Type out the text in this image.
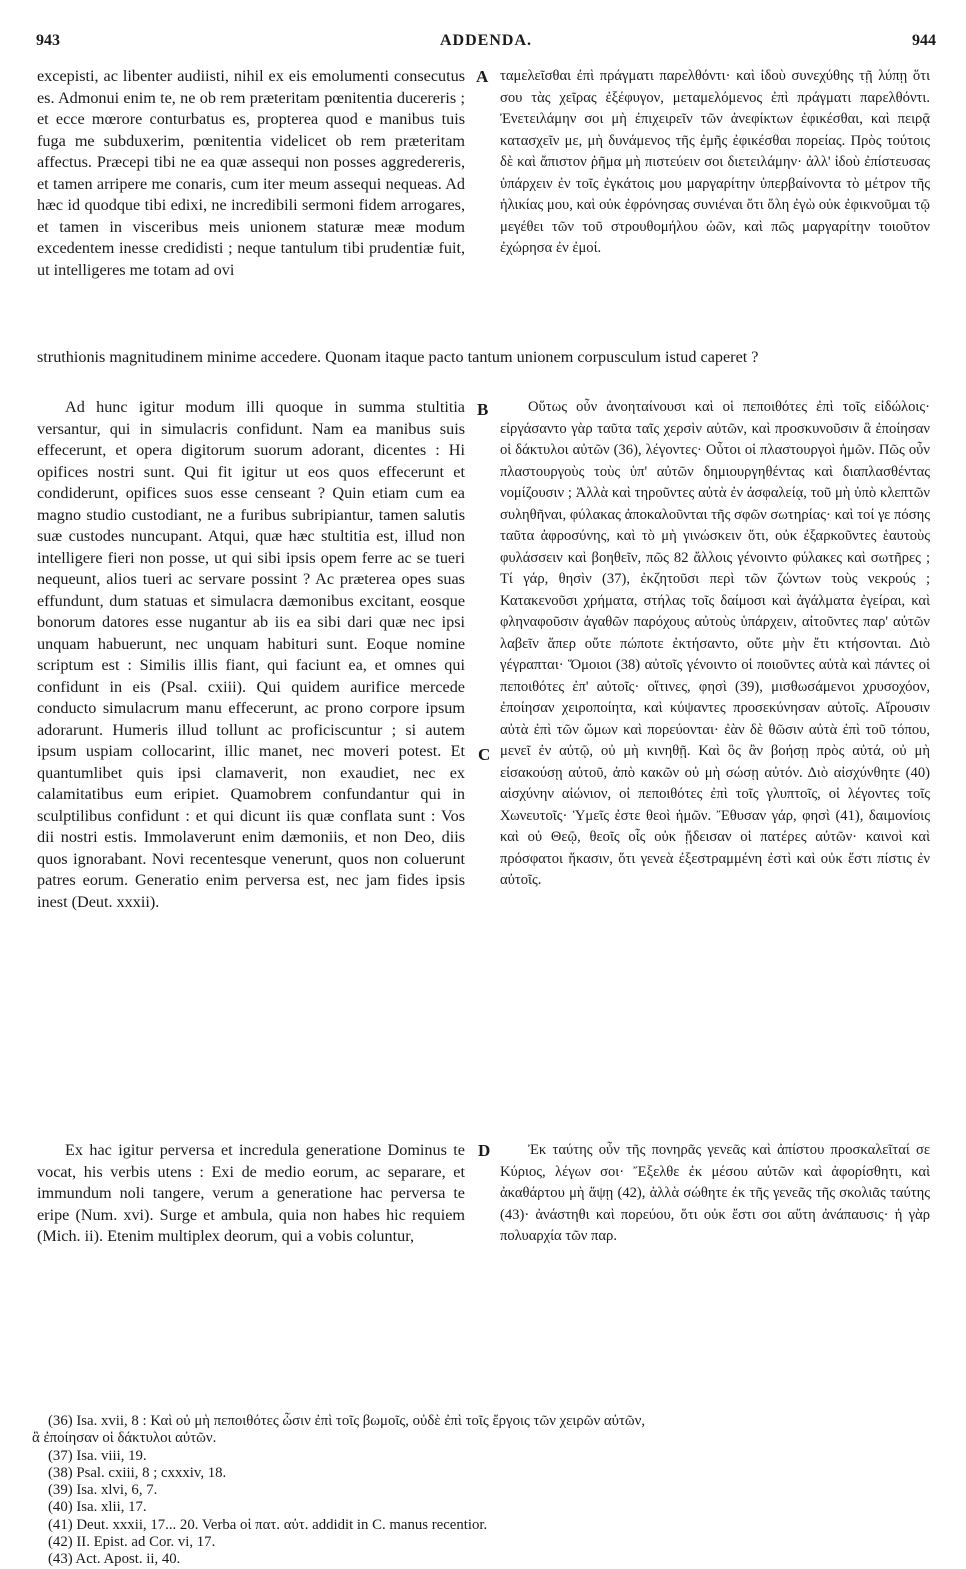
943	ADDENDA.	944

excepisti, ac libenter audiisti, nihil ex eis emolumenti consecutus es. Admonui enim te, ne ob rem præteritam pœnitentia ducereris ; et ecce mœrore conturbatus es, propterea quod e manibus tuis fuga me subduxerim, pœnitentia videlicet ob rem præteritam affectus. Præcepi tibi ne ea quæ assequi non posses aggredereris, et tamen arripere me conaris, cum iter meum assequi nequeas. Ad hæc id quodque tibi edixi, ne incredibili sermoni fidem arrogares, et tamen in visceribus meis unionem staturæ meæ modum excedentem inesse credidisti ; neque tantulum tibi prudentiæ fuit, ut intelligeres me totam ad ovi

A ταμελεῖσθαι ἐπὶ πράγματι παρελθόντι· καὶ ἰδοὺ συνεχύθης τῇ λύπῃ ὅτι σου τὰς χεῖρας ἐξέφυγον, μεταμελόμενος ἐπὶ πράγματι παρελθόντι. Ἐνετειλάμην σοι μὴ ἐπιχειρεῖν τῶν ἀνεφίκτων ἐφικέσθαι, καὶ πειρᾷ κατασχεῖν με, μὴ δυνάμενος τῆς ἐμῆς ἐφικέσθαι πορείας. Πρὸς τούτοις δὲ καὶ ἄπιστον ῥῆμα μὴ πιστεύειν σοι διετειλάμην· ἀλλ' ἰδοὺ ἐπίστευσας ὑπάρχειν ἐν τοῖς ἐγκάτοις μου μαργαρίτην ὑπερβαίνοντα τὸ μέτρον τῆς ἡλικίας μου, καὶ οὐκ ἐφρόνησας συνιέναι ὅτι ὅλη ἐγὼ οὐκ ἐφικνοῦμαι τῷ μεγέθει τῶν τοῦ στρουθομήλου ὠῶν, καὶ πῶς μαργαρίτην τοιοῦτον ἐχώρησα ἐν ἐμοί.

struthionis magnitudinem minime accedere. Quonam itaque pacto tantum unionem corpusculum istud caperet ?

Ad hunc igitur modum illi quoque in summa stultitia versantur, qui in simulacris confidunt. Nam ea manibus suis effecerunt, et opera digitorum suorum adorant, dicentes : Hi opifices nostri sunt. Qui fit igitur ut eos quos effecerunt et condiderunt, opifices suos esse censeant ? Quin etiam cum ea magno studio custodiant, ne a furibus subripiantur, tamen salutis suæ custodes nuncupant. Atqui, quæ hæc stultitia est, illud non intelligere fieri non posse, ut qui sibi ipsis opem ferre ac se tueri nequeunt, alios tueri ac servare possint ? Ac præterea opes suas effundunt, dum statuas et simulacra dæmonibus excitant, eosque bonorum datores esse nugantur ab iis ea sibi dari quæ nec ipsi unquam habuerunt, nec unquam habituri sunt. Eoque nomine scriptum est : Similis illis fiant, qui faciunt ea, et omnes qui confidunt in eis (Psal. cxiii). Qui quidem aurifice mercede conducto simulacrum manu effecerunt, ac prono corpore ipsum adorarunt. Humeris illud tollunt ac proficiscuntur ; si autem ipsum uspiam collocarint, illic manet, nec moveri potest. Et quantumlibet quis ipsi clamaverit, non exaudiet, nec ex calamitatibus eum eripiet. Quamobrem confundantur qui in sculptilibus confidunt : et qui dicunt iis quæ conflata sunt : Vos dii nostri estis. Immolaverunt enim dæmoniis, et non Deo, diis quos ignorabant. Novi recentesque venerunt, quos non coluerunt patres eorum. Generatio enim perversa est, nec jam fides ipsis inest (Deut. xxxii).

B
C

Οὕτως οὖν ἀνοηταίνουσι καὶ οἱ πεποιθότες ἐπὶ τοῖς εἰδώλοις· εἰργάσαντο γὰρ ταῦτα ταῖς χερσὶν αὐτῶν, καὶ προσκυνοῦσιν ἃ ἐποίησαν οἱ δάκτυλοι αὐτῶν (36), λέγοντες· Οὗτοι οἱ πλαστουργοὶ ἡμῶν. Πῶς οὖν πλαστουργοὺς τοὺς ὑπ' αὐτῶν δημιουργηθέντας καὶ διαπλασθέντας νομίζουσιν ; Ἀλλὰ καὶ τηροῦντες αὐτὰ ἐν ἀσφαλείᾳ, τοῦ μὴ ὑπὸ κλεπτῶν συληθῆναι, φύλακας ἀποκαλοῦνται τῆς σφῶν σωτηρίας· καὶ τοί γε πόσης ταῦτα ἀφροσύνης, καὶ τὸ μὴ γινώσκειν ὅτι, οὐκ ἐξαρκοῦντες ἑαυτοὺς φυλάσσειν καὶ βοηθεῖν, πῶς 82 ἄλλοις γένοιντο φύλακες καὶ σωτῆρες ; Τί γάρ, θησὶν (37), ἐκζητοῦσι περὶ τῶν ζώντων τοὺς νεκρούς ; Κατακενοῦσι χρήματα, στήλας τοῖς δαίμοσι καὶ ἀγάλματα ἐγείραι, καὶ φληναφοῦσιν ἀγαθῶν παρόχους αὐτοὺς ὑπάρχειν, αἰτοῦντες παρ' αὐτῶν λαβεῖν ἅπερ οὔτε πώποτε ἐκτήσαντο, οὔτε μὴν ἔτι κτήσονται. Διὸ γέγραπται· Ὅμοιοι (38) αὐτοῖς γένοιντο οἱ ποιοῦντες αὐτὰ καὶ πάντες οἱ πεποιθότες ἐπ' αὐτοῖς· οἵτινες, φησὶ (39), μισθωσάμενοι χρυσοχόον, ἐποίησαν χειροποίητα, καὶ κύψαντες προσεκύνησαν αὐτοῖς. Αἴρουσιν αὐτὰ ἐπὶ τῶν ὤμων καὶ πορεύονται· ἐὰν δὲ θῶσιν αὐτὰ ἐπὶ τοῦ τόπου, μενεῖ ἐν αὐτῷ, οὐ μὴ κινηθῇ. Καὶ ὃς ἂν βοήσῃ πρὸς αὐτά, οὐ μὴ εἰσακούσῃ αὐτοῦ, ἀπὸ κακῶν οὐ μὴ σώσῃ αὐτόν. Διὸ αἰσχύνθητε (40) αἰσχύνην αἰώνιον, οἱ πεποιθότες ἐπὶ τοῖς γλυπτοῖς, οἱ λέγοντες τοῖς Χωνευτοῖς· Ὑμεῖς ἐστε θεοὶ ἡμῶν. Ἔθυσαν γάρ, φησὶ (41), δαιμονίοις καὶ οὐ Θεῷ, θεοῖς οἷς οὐκ ᾔδεισαν οἱ πατέρες αὐτῶν· καινοὶ καὶ πρόσφατοι ἥκασιν, ὅτι γενεὰ ἐξεστραμμένη ἐστὶ καὶ οὐκ ἔστι πίστις ἐν αὐτοῖς.

Ex hac igitur perversa et incredula generatione Dominus te vocat, his verbis utens : Exi de medio eorum, ac separare, et immundum noli tangere, verum a generatione hac perversa te eripe (Num. xvi). Surge et ambula, quia non habes hic requiem (Mich. ii). Etenim multiplex deorum, qui a vobis coluntur,

D	Ἐκ ταύτης οὖν τῆς πονηρᾶς γενεᾶς καὶ ἀπίστου προσκαλεῖταί σε Κύριος, λέγων σοι· Ἔξελθε ἐκ μέσου αὐτῶν καὶ ἀφορίσθητι, καὶ ἀκαθάρτου μὴ ἅψῃ (42), ἀλλὰ σώθητε ἐκ τῆς γενεᾶς τῆς σκολιᾶς ταύτης (43)· ἀνάστηθι καὶ πορεύου, ὅτι οὐκ ἔστι σοι αὕτη ἀνάπαυσις· ἡ γὰρ πολυαρχία τῶν παρ.

(36) Isa. xvii, 8 : Καὶ οὐ μὴ πεποιθότες ὦσιν ἐπὶ τοῖς βωμοῖς, οὐδὲ ἐπὶ τοῖς ἔργοις τῶν χειρῶν αὐτῶν,
ἃ ἐποίησαν οἱ δάκτυλοι αὐτῶν.
(37) Isa. viii, 19.
(38) Psal. cxiii, 8 ; cxxxiv, 18.
(39) Isa. xlvi, 6, 7.
(40) Isa. xlii, 17.
(41) Deut. xxxii, 17... 20. Verba οἱ πατ. αὐτ. addidit in C. manus recentior.
(42) II. Epist. ad Cor. vi, 17.
(43) Act. Apost. ii, 40.
